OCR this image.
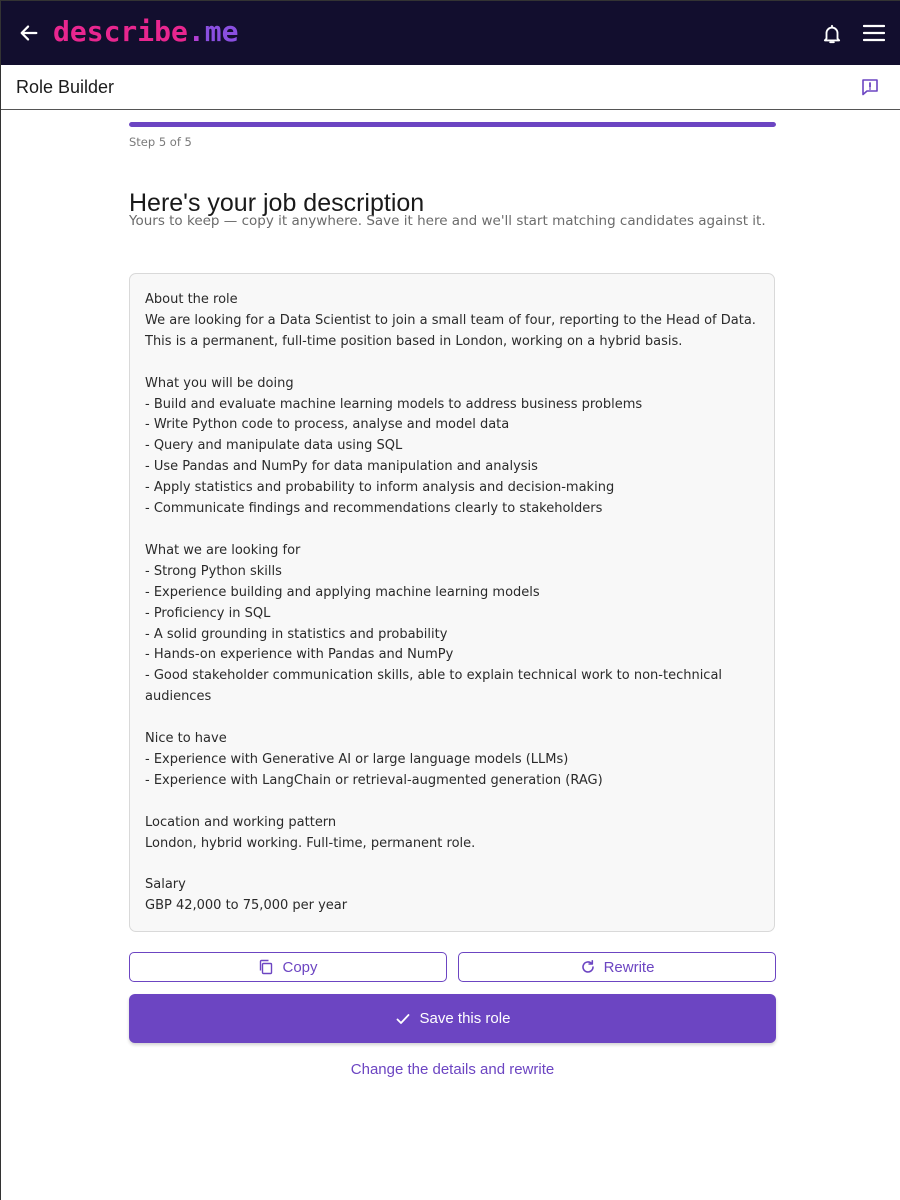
describe.me
Role Builder
Step 5 of 5
Here's your job description
Yours to keep — copy it anywhere. Save it here and we'll start matching candidates against it.
About the role
We are looking for a Data Scientist to join a small team of four, reporting to the Head of Data. This is a permanent, full-time position based in London, working on a hybrid basis.

What you will be doing
- Build and evaluate machine learning models to address business problems
- Write Python code to process, analyse and model data
- Query and manipulate data using SQL
- Use Pandas and NumPy for data manipulation and analysis
- Apply statistics and probability to inform analysis and decision-making
- Communicate findings and recommendations clearly to stakeholders

What we are looking for
- Strong Python skills
- Experience building and applying machine learning models
- Proficiency in SQL
- A solid grounding in statistics and probability
- Hands-on experience with Pandas and NumPy
- Good stakeholder communication skills, able to explain technical work to non-technical audiences

Nice to have
- Experience with Generative AI or large language models (LLMs)
- Experience with LangChain or retrieval-augmented generation (RAG)

Location and working pattern
London, hybrid working. Full-time, permanent role.

Salary
GBP 42,000 to 75,000 per year
Copy	Rewrite
Save this role
Change the details and rewrite
